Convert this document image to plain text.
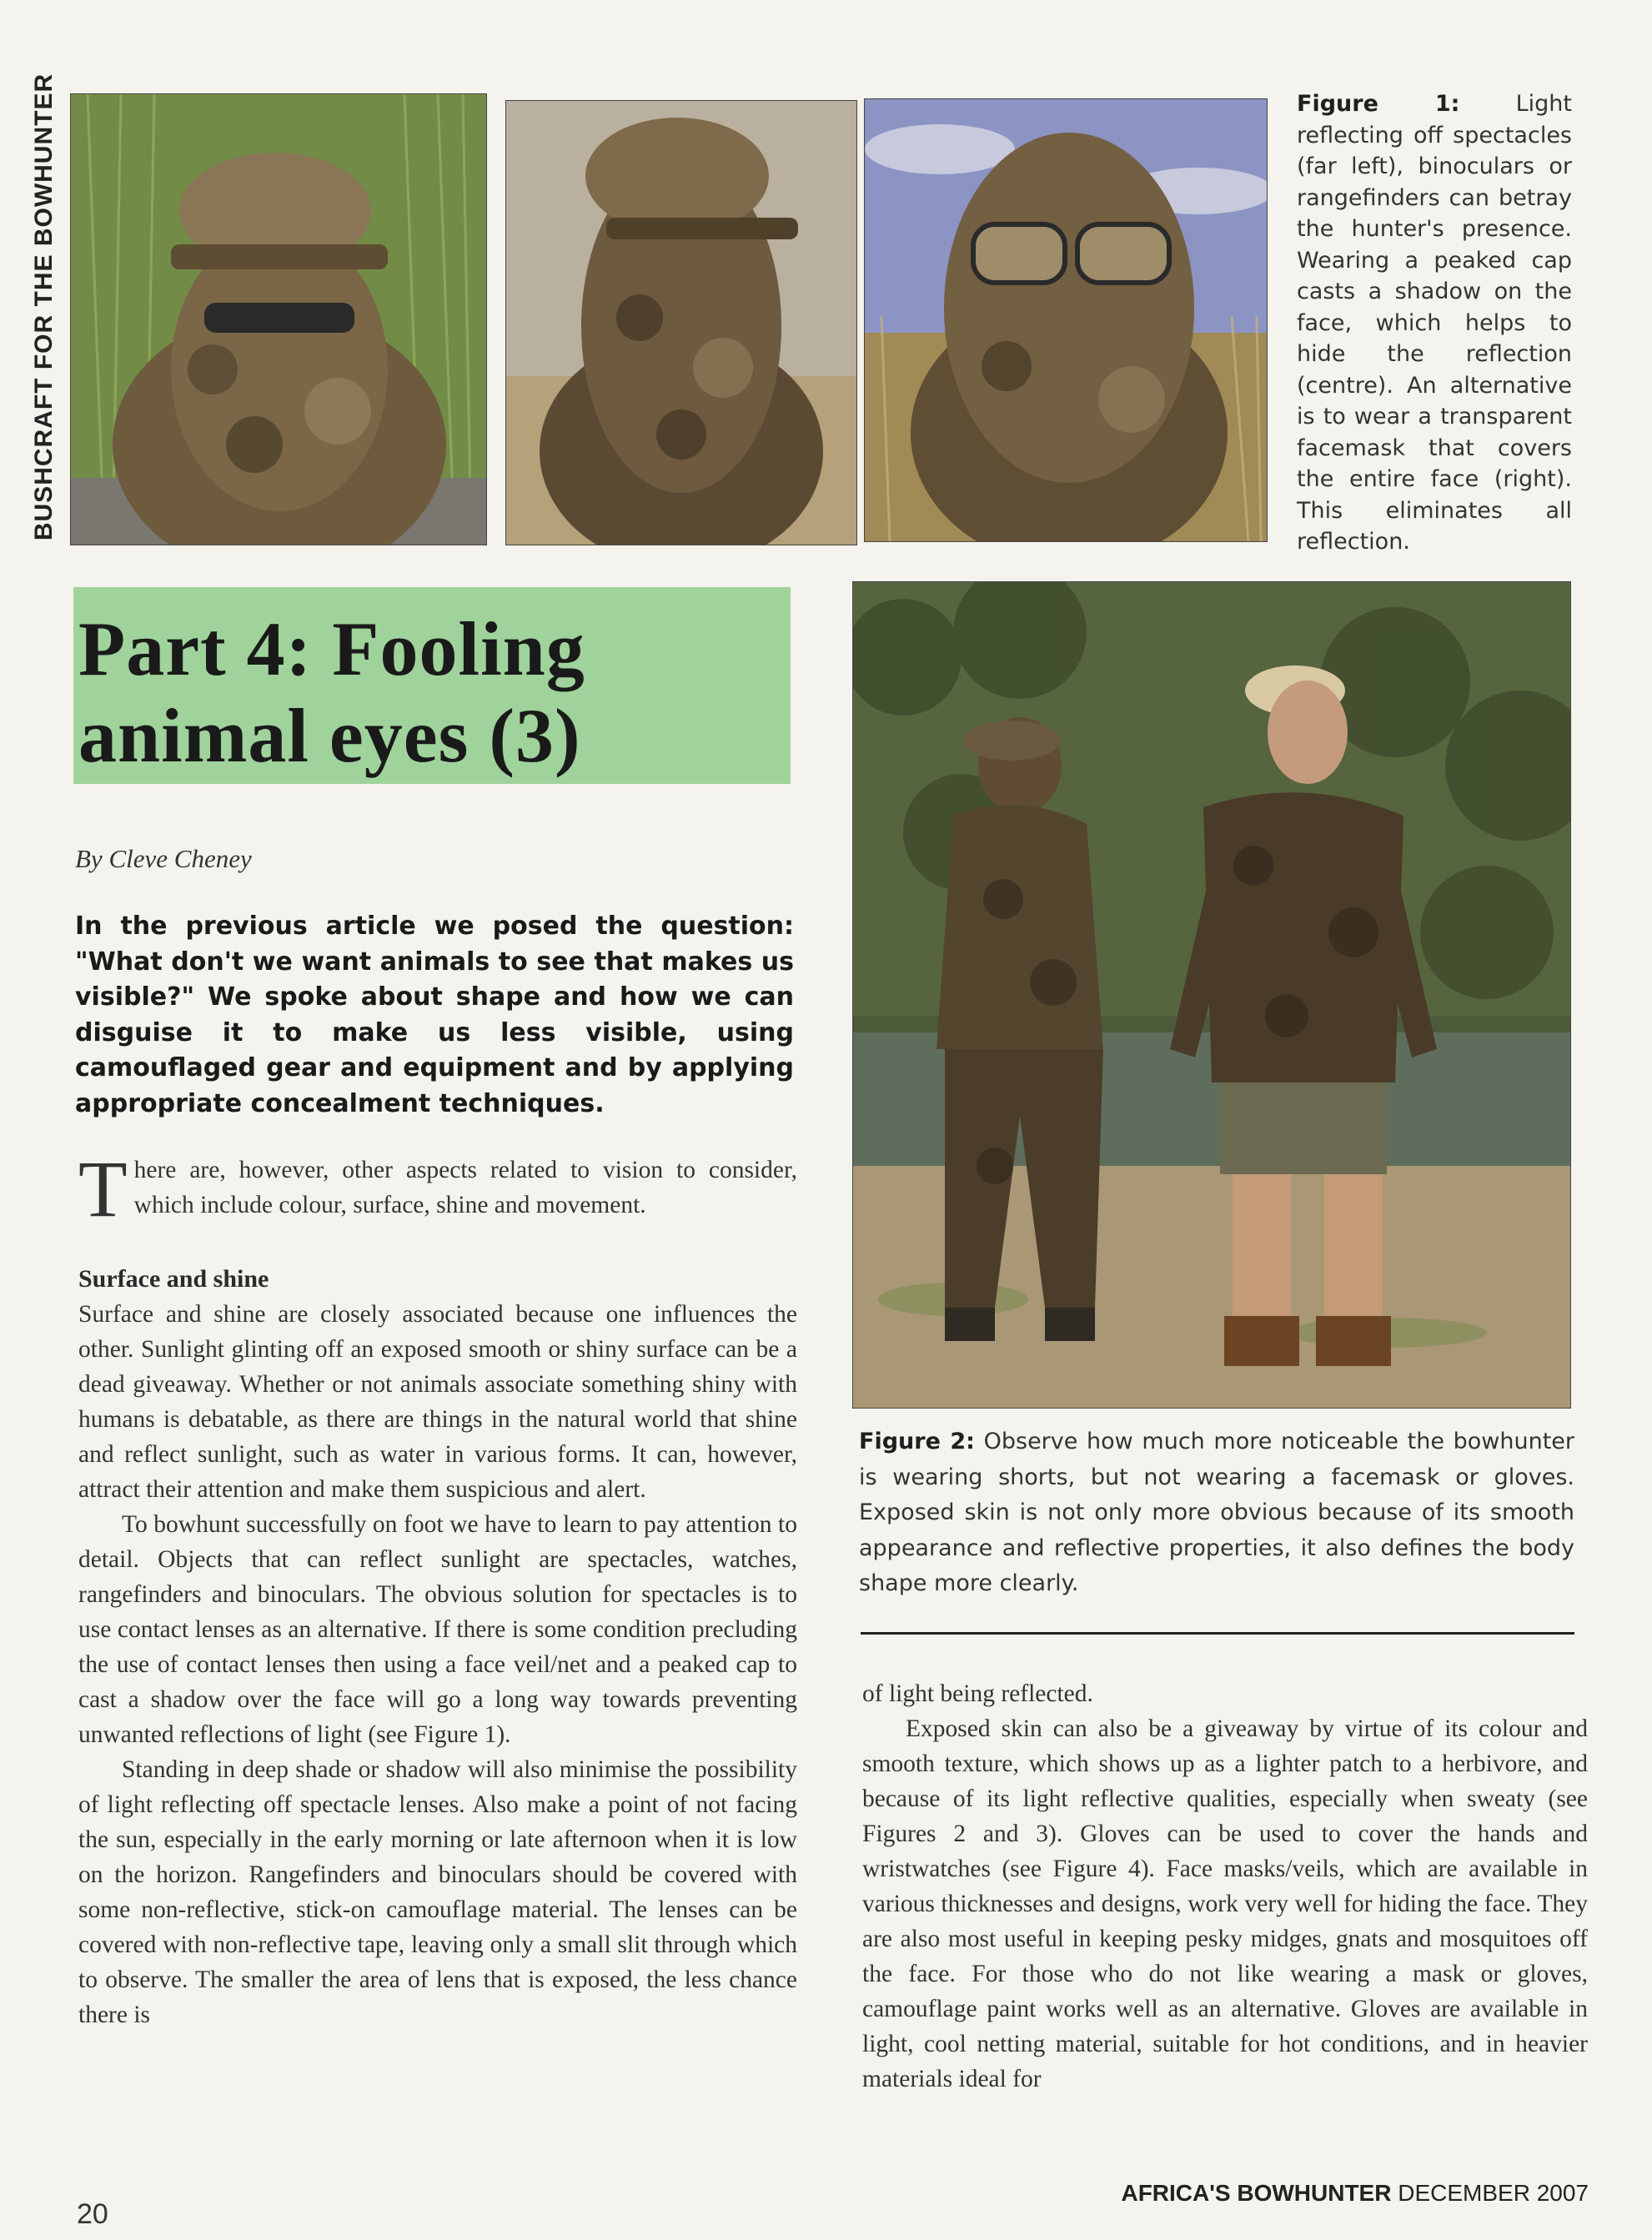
BUSHCRAFT FOR THE BOWHUNTER	Figure 1: Light reflecting off spectacles (far left), binoculars or rangefinders can betray the hunter's presence. Wearing a peaked cap casts a shadow on the face, which helps to hide the reflection (centre). An alternative is to wear a transparent facemask that covers the entire face (right). This eliminates all reflection.
Part 4: Fooling animal eyes (3)
By Cleve Cheney
In the previous article we posed the question: "What don't we want animals to see that makes us visible?" We spoke about shape and how we can disguise it to make us less visible, using camouflaged gear and equipment and by applying appropriate concealment techniques.
T here are, however, other aspects related to vision to consider, which include colour, surface, shine and movement.

Surface and shine

Surface and shine are closely associated because one influences the other. Sunlight glinting off an exposed smooth or shiny surface can be a dead giveaway. Whether or not animals associate something shiny with humans is debatable, as there are things in the natural world that shine and reflect sunlight, such as water in various forms. It can, however, attract their attention and make them suspicious and alert.

To bowhunt successfully on foot we have to learn to pay attention to detail. Objects that can reflect sunlight are spectacles, watches, rangefinders and binoculars. The obvious solution for spectacles is to use contact lenses as an alternative. If there is some condition precluding the use of contact lenses then using a face veil/net and a peaked cap to cast a shadow over the face will go a long way towards preventing unwanted reflections of light (see Figure 1).

Standing in deep shade or shadow will also minimise the possibility of light reflecting off spectacle lenses. Also make a point of not facing the sun, especially in the early morning or late afternoon when it is low on the horizon. Rangefinders and binoculars should be covered with some non-reflective, stick-on camouflage material. The lenses can be covered with non-reflective tape, leaving only a small slit through which to observe. The smaller the area of lens that is exposed, the less chance there is

Figure 2: Observe how much more noticeable the bowhunter is wearing shorts, but not wearing a facemask or gloves. Exposed skin is not only more obvious because of its smooth appearance and reflective properties, it also defines the body shape more clearly.

of light being reflected.

Exposed skin can also be a giveaway by virtue of its colour and smooth texture, which shows up as a lighter patch to a herbivore, and because of its light reflective qualities, especially when sweaty (see Figures 2 and 3). Gloves can be used to cover the hands and wristwatches (see Figure 4). Face masks/veils, which are available in various thicknesses and designs, work very well for hiding the face. They are also most useful in keeping pesky midges, gnats and mosquitoes off the face. For those who do not like wearing a mask or gloves, camouflage paint works well as an alternative. Gloves are available in light, cool netting material, suitable for hot conditions, and in heavier materials ideal for

20
AFRICA'S BOWHUNTER DECEMBER 2007
